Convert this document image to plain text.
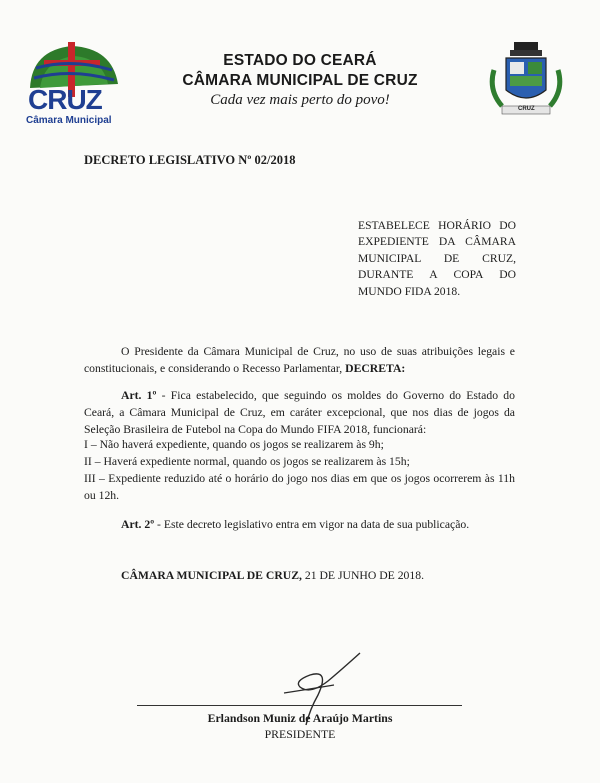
CRUZ
Câmara Municipal
ESTADO DO CEARÁ
CÂMARA MUNICIPAL DE CRUZ
Cada vez mais perto do povo!
CRUZ
DECRETO LEGISLATIVO Nº 02/2018
ESTABELECE HORÁRIO DO EXPEDIENTE DA CÂMARA MUNICIPAL DE CRUZ, DURANTE A COPA DO MUNDO FIDA 2018.
O Presidente da Câmara Municipal de Cruz, no uso de suas atribuições legais e constitucionais, e considerando o Recesso Parlamentar, DECRETA:
Art. 1º - Fica estabelecido, que seguindo os moldes do Governo do Estado do Ceará, a Câmara Municipal de Cruz, em caráter excepcional, que nos dias de jogos da Seleção Brasileira de Futebol na Copa do Mundo FIFA 2018, funcionará:
I – Não haverá expediente, quando os jogos se realizarem às 9h;
II – Haverá expediente normal, quando os jogos se realizarem às 15h;
III – Expediente reduzido até o horário do jogo nos dias em que os jogos ocorrerem às 11h ou 12h.
Art. 2º - Este decreto legislativo entra em vigor na data de sua publicação.
CÂMARA MUNICIPAL DE CRUZ, 21 DE JUNHO DE 2018.
Erlandson Muniz de Araújo Martins
PRESIDENTE
